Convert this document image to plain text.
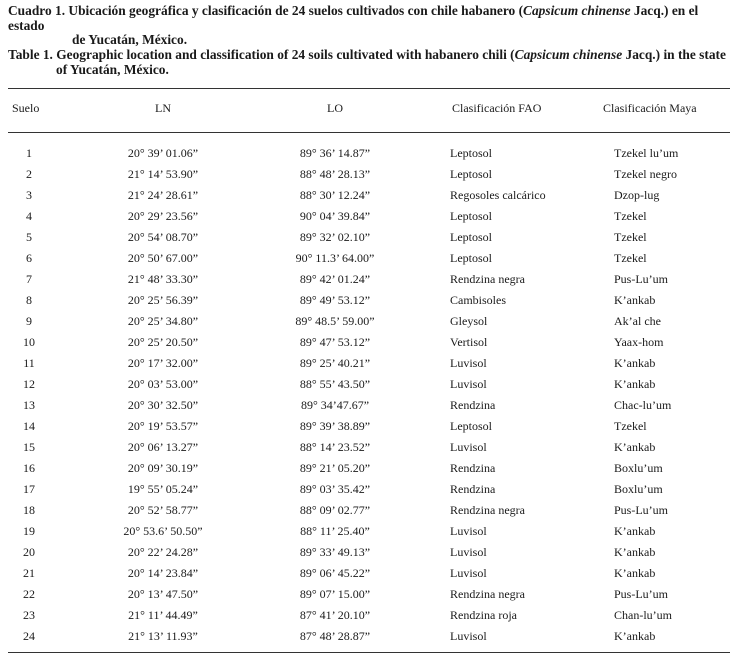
Cuadro 1. Ubicación geográfica y clasificación de 24 suelos cultivados con chile habanero (Capsicum chinense Jacq.) en el estado
de Yucatán, México.
Table 1. Geographic location and classification of 24 soils cultivated with habanero chili (Capsicum chinense Jacq.) in the state
of Yucatán, México.
Suelo	LN	LO	Clasificación FAO	Clasificación Maya
1	20° 39’ 01.06”	89° 36’ 14.87”	Leptosol	Tzekel lu’um
2	21° 14’ 53.90”	88° 48’ 28.13”	Leptosol	Tzekel negro
3	21° 24’ 28.61”	88° 30’ 12.24”	Regosoles calcárico	Dzop-lug
4	20° 29’ 23.56”	90° 04’ 39.84”	Leptosol	Tzekel
5	20° 54’ 08.70”	89° 32’ 02.10”	Leptosol	Tzekel
6	20° 50’ 67.00”	90° 11.3’ 64.00”	Leptosol	Tzekel
7	21° 48’ 33.30”	89° 42’ 01.24”	Rendzina negra	Pus-Lu’um
8	20° 25’ 56.39”	89° 49’ 53.12”	Cambisoles	K’ankab
9	20° 25’ 34.80”	89° 48.5’ 59.00”	Gleysol	Ak’al che
10	20° 25’ 20.50”	89° 47’ 53.12”	Vertisol	Yaax-hom
11	20° 17’ 32.00”	89° 25’ 40.21”	Luvisol	K’ankab
12	20° 03’ 53.00”	88° 55’ 43.50”	Luvisol	K’ankab
13	20° 30’ 32.50”	89° 34’47.67”	Rendzina	Chac-lu’um
14	20° 19’ 53.57”	89° 39’ 38.89”	Leptosol	Tzekel
15	20° 06’ 13.27”	88° 14’ 23.52”	Luvisol	K’ankab
16	20° 09’ 30.19”	89° 21’ 05.20”	Rendzina	Boxlu’um
17	19° 55’ 05.24”	89° 03’ 35.42”	Rendzina	Boxlu’um
18	20° 52’ 58.77”	88° 09’ 02.77”	Rendzina negra	Pus-Lu’um
19	20° 53.6’ 50.50”	88° 11’ 25.40”	Luvisol	K’ankab
20	20° 22’ 24.28”	89° 33’ 49.13”	Luvisol	K’ankab
21	20° 14’ 23.84”	89° 06’ 45.22”	Luvisol	K’ankab
22	20° 13’ 47.50”	89° 07’ 15.00”	Rendzina negra	Pus-Lu’um
23	21° 11’ 44.49”	87° 41’ 20.10”	Rendzina roja	Chan-lu’um
24	21° 13’ 11.93”	87° 48’ 28.87”	Luvisol	K’ankab
